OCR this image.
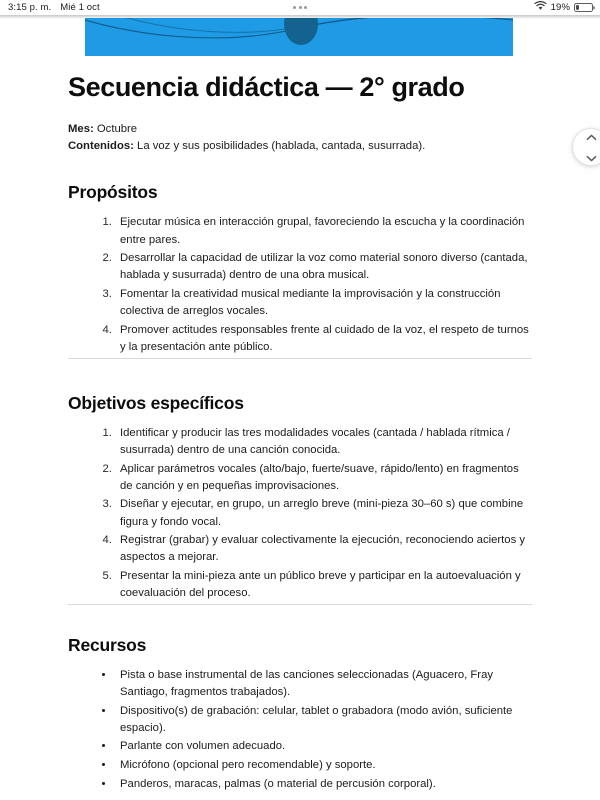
3:15 p. m. Mié 1 oct	19%
Secuencia didáctica — 2° grado
Mes: Octubre
Contenidos: La voz y sus posibilidades (hablada, cantada, susurrada).
Propósitos
1. Ejecutar música en interacción grupal, favoreciendo la escucha y la coordinación entre pares.
2. Desarrollar la capacidad de utilizar la voz como material sonoro diverso (cantada, hablada y susurrada) dentro de una obra musical.
3. Fomentar la creatividad musical mediante la improvisación y la construcción colectiva de arreglos vocales.
4. Promover actitudes responsables frente al cuidado de la voz, el respeto de turnos y la presentación ante público.
Objetivos específicos
1. Identificar y producir las tres modalidades vocales (cantada / hablada rítmica / susurrada) dentro de una canción conocida.
2. Aplicar parámetros vocales (alto/bajo, fuerte/suave, rápido/lento) en fragmentos de canción y en pequeñas improvisaciones.
3. Diseñar y ejecutar, en grupo, un arreglo breve (mini-pieza 30–60 s) que combine figura y fondo vocal.
4. Registrar (grabar) y evaluar colectivamente la ejecución, reconociendo aciertos y aspectos a mejorar.
5. Presentar la mini-pieza ante un público breve y participar en la autoevaluación y coevaluación del proceso.
Recursos
• Pista o base instrumental de las canciones seleccionadas (Aguacero, Fray Santiago, fragmentos trabajados).
• Dispositivo(s) de grabación: celular, tablet o grabadora (modo avión, suficiente espacio).
• Parlante con volumen adecuado.
• Micrófono (opcional pero recomendable) y soporte.
• Panderos, maracas, palmas (o material de percusión corporal).
